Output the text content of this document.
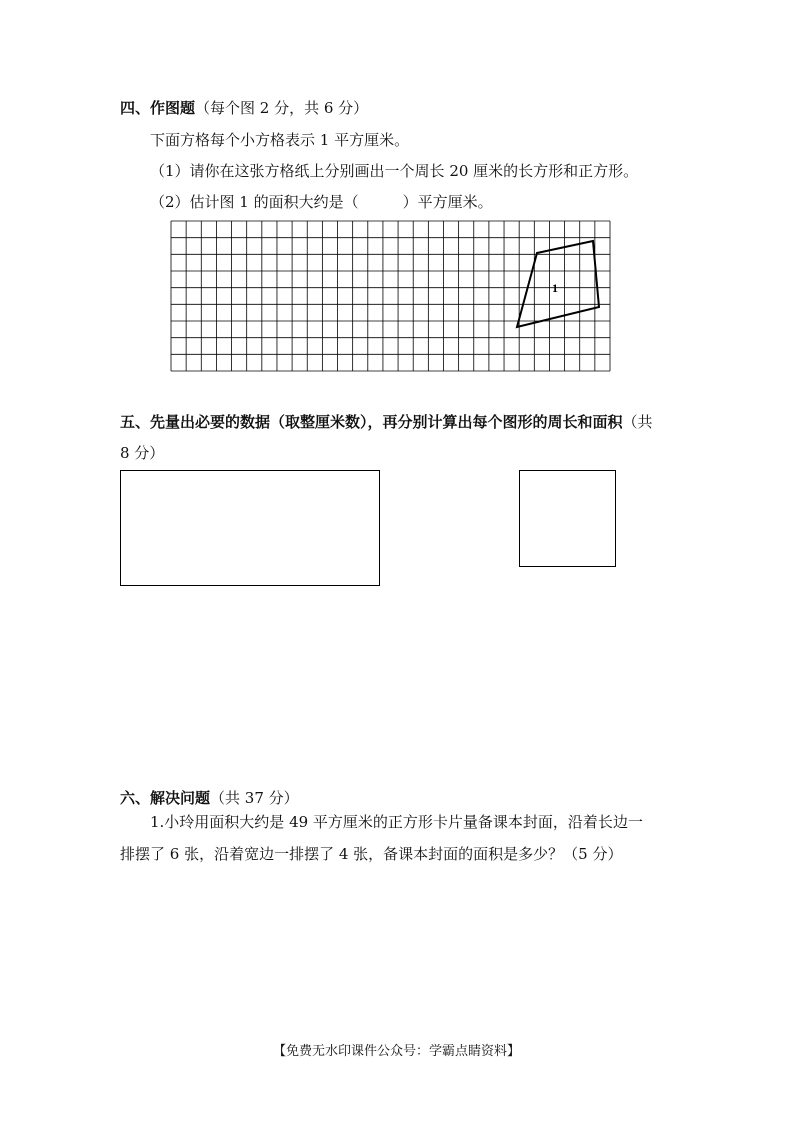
四、作图题（每个图 2 分，共 6 分）
下面方格每个小方格表示 1 平方厘米。
（1）请你在这张方格纸上分别画出一个周长 20 厘米的长方形和正方形。
（2）估计图 1 的面积大约是（	）平方厘米。
1
五、先量出必要的数据（取整厘米数），再分别计算出每个图形的周长和面积（共
8 分）
六、解决问题（共 37 分）
1.小玲用面积大约是 49 平方厘米的正方形卡片量备课本封面，沿着长边一
排摆了 6 张，沿着宽边一排摆了 4 张，备课本封面的面积是多少？（5 分）
【免费无水印课件公众号：学霸点睛资料】
